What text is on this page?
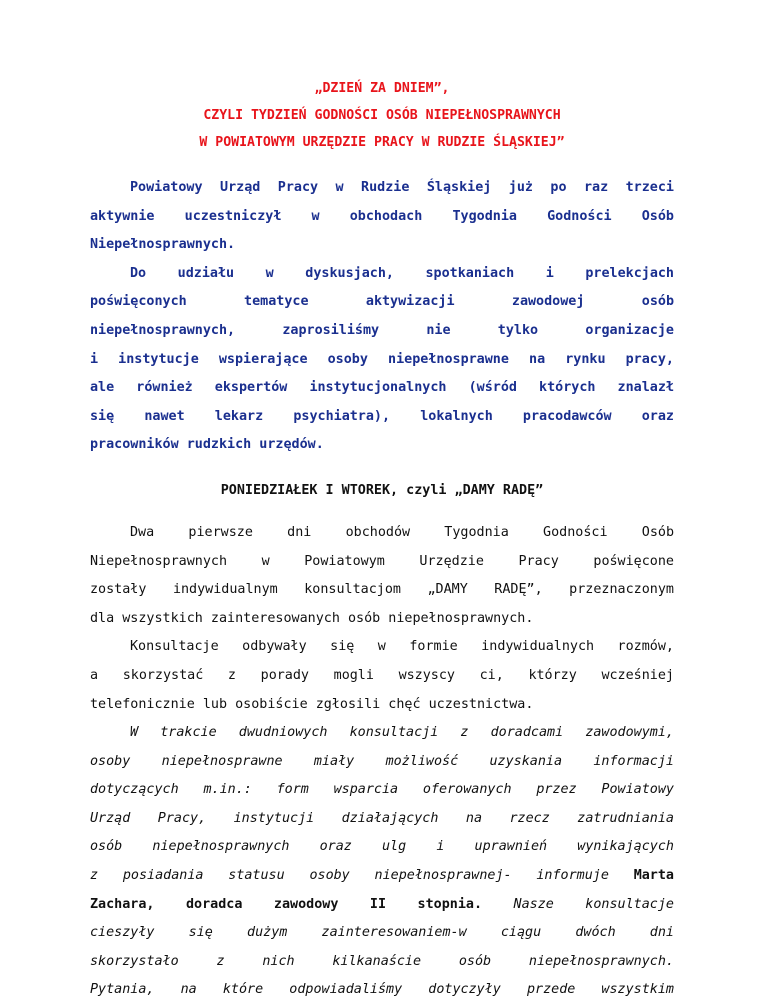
„DZIEŃ ZA DNIEM”,
CZYLI TYDZIEŃ GODNOŚCI OSÓB NIEPEŁNOSPRAWNYCH
W POWIATOWYM URZĘDZIE PRACY W RUDZIE ŚLĄSKIEJ”
Powiatowy Urząd Pracy w Rudzie Śląskiej już po raz trzeci
aktywnie uczestniczył w obchodach Tygodnia Godności Osób
Niepełnosprawnych.
Do udziału w dyskusjach, spotkaniach i prelekcjach
poświęconych tematyce aktywizacji zawodowej osób
niepełnosprawnych, zaprosiliśmy nie tylko organizacje
i instytucje wspierające osoby niepełnosprawne na rynku pracy,
ale również ekspertów instytucjonalnych (wśród których znalazł
się nawet lekarz psychiatra), lokalnych pracodawców oraz
pracowników rudzkich urzędów.
PONIEDZIAŁEK I WTOREK, czyli „DAMY RADĘ”
Dwa pierwsze dni obchodów Tygodnia Godności Osób
Niepełnosprawnych w Powiatowym Urzędzie Pracy poświęcone
zostały indywidualnym konsultacjom „DAMY RADĘ”, przeznaczonym
dla wszystkich zainteresowanych osób niepełnosprawnych.
Konsultacje odbywały się w formie indywidualnych rozmów,
a skorzystać z porady mogli wszyscy ci, którzy wcześniej
telefonicznie lub osobiście zgłosili chęć uczestnictwa.
W trakcie dwudniowych konsultacji z doradcami zawodowymi,
osoby niepełnosprawne miały możliwość uzyskania informacji
dotyczących m.in.: form wsparcia oferowanych przez Powiatowy
Urząd Pracy, instytucji działających na rzecz zatrudniania
osób niepełnosprawnych oraz ulg i uprawnień wynikających
z posiadania statusu osoby niepełnosprawnej- informuje Marta
Zachara, doradca zawodowy II stopnia. Nasze konsultacje
cieszyły się dużym zainteresowaniem-w ciągu dwóch dni
skorzystało z nich kilkanaście osób niepełnosprawnych.
Pytania, na które odpowiadaliśmy dotyczyły przede wszystkim
